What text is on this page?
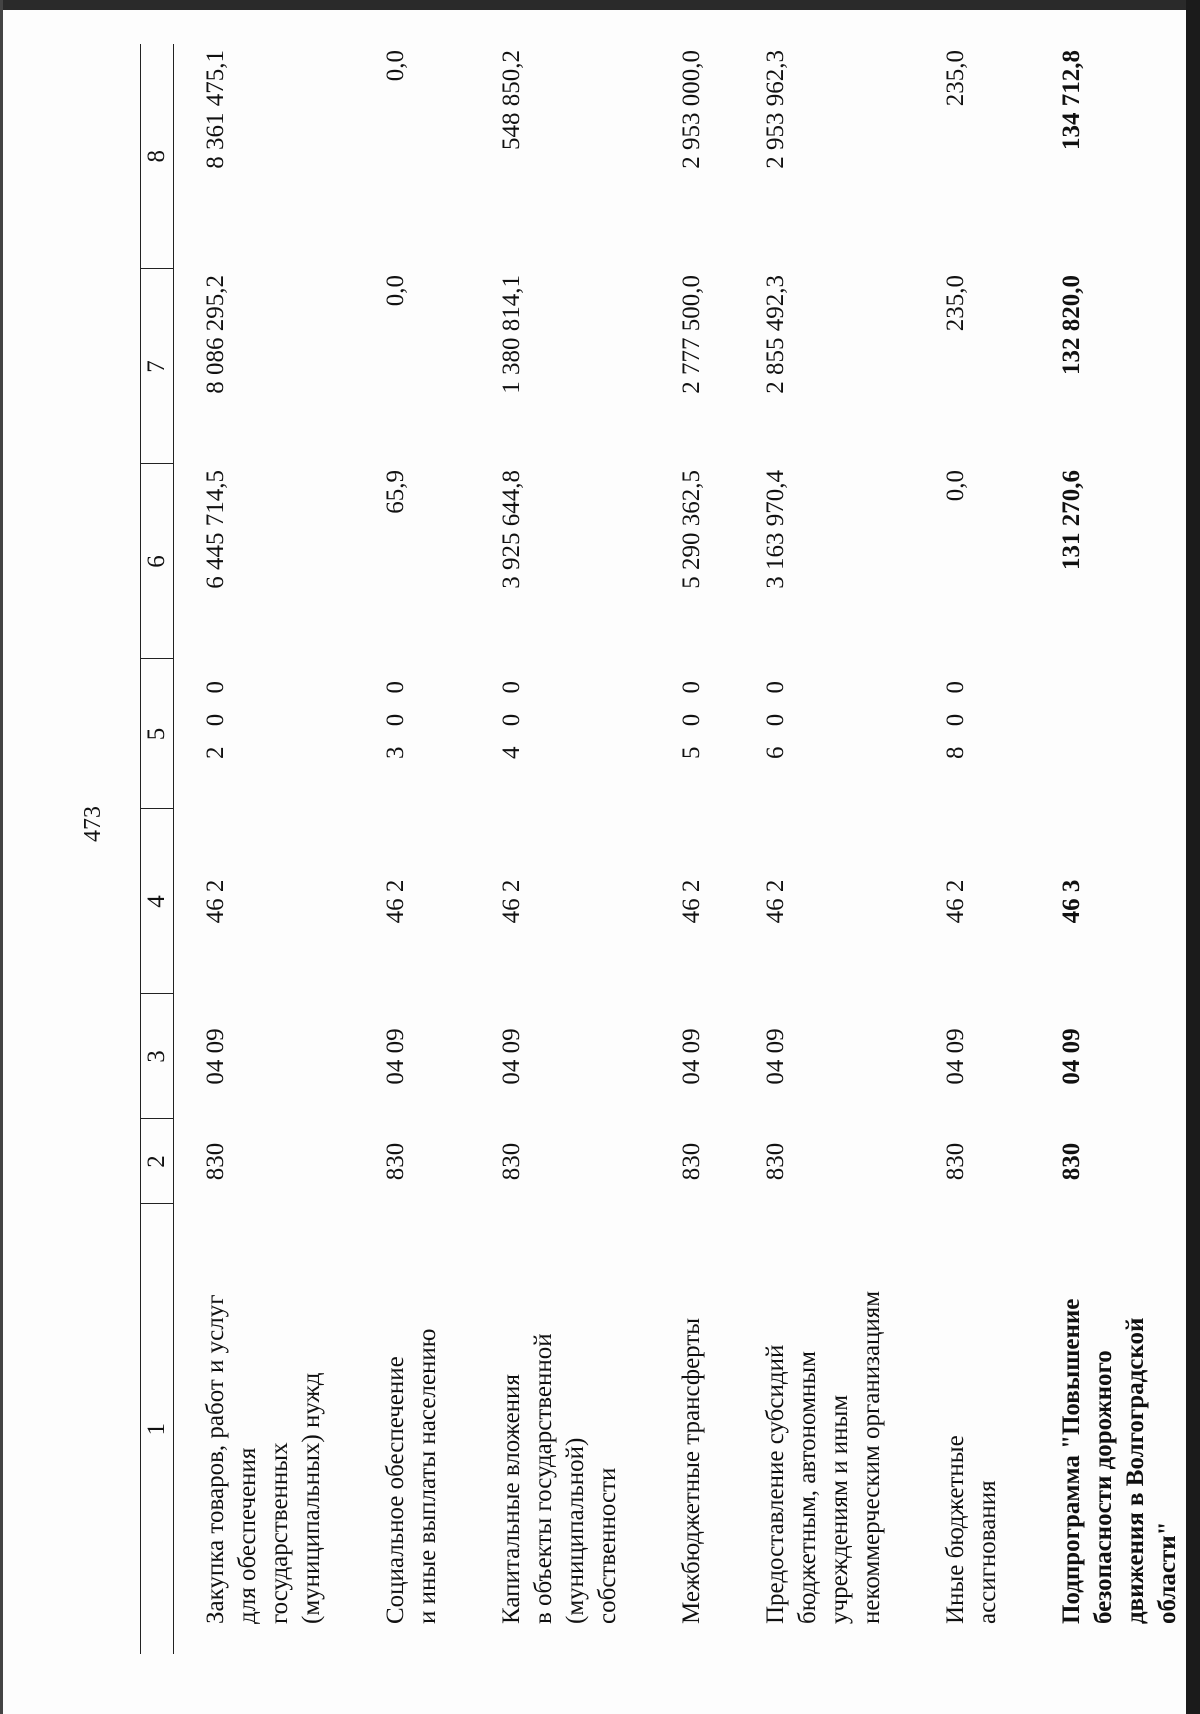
473
1	2	3	4	5	6	7	8

Закупка товаров, работ и услуг для обеспечения государственных (муниципальных) нужд	830	04 09	46 2	2 0 0	6 445 714,5	8 086 295,2	8 361 475,1

Социальное обеспечение и иные выплаты населению	830	04 09	46 2	3 0 0	65,9	0,0	0,0

Капитальные вложения в объекты государственной (муниципальной) собственности	830	04 09	46 2	4 0 0	3 925 644,8	1 380 814,1	548 850,2

Межбюджетные трансферты	830	04 09	46 2	5 0 0	5 290 362,5	2 777 500,0	2 953 000,0

Предоставление субсидий бюджетным, автономным учреждениям и иным некоммерческим организациям	830	04 09	46 2	6 0 0	3 163 970,4	2 855 492,3	2 953 962,3

Иные бюджетные ассигнования	830	04 09	46 2	8 0 0	0,0	235,0	235,0

Подпрограмма "Повышение безопасности дорожного движения в Волгоградской области"	830	04 09	46 3		131 270,6	132 820,0	134 712,8
